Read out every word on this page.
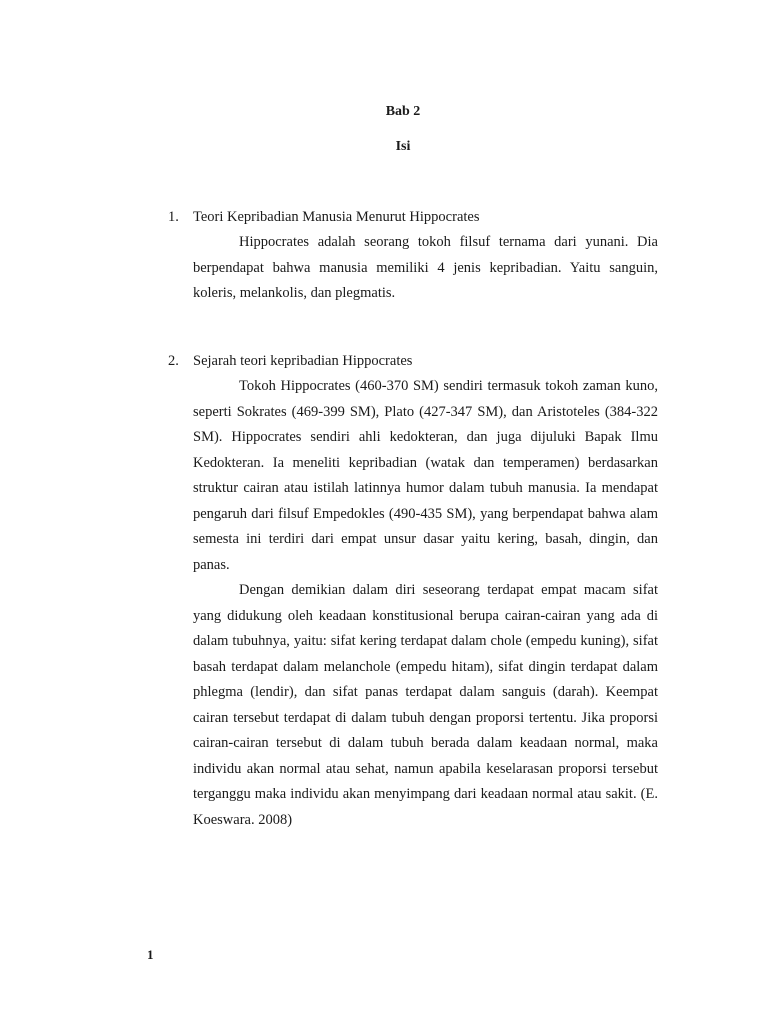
Bab 2
Isi
1. Teori Kepribadian Manusia Menurut Hippocrates

Hippocrates adalah seorang tokoh filsuf ternama dari yunani. Dia berpendapat bahwa manusia memiliki 4 jenis kepribadian. Yaitu sanguin, koleris, melankolis, dan plegmatis.

2. Sejarah teori kepribadian Hippocrates

Tokoh Hippocrates (460-370 SM) sendiri termasuk tokoh zaman kuno, seperti Sokrates (469-399 SM), Plato (427-347 SM), dan Aristoteles (384-322 SM). Hippocrates sendiri ahli kedokteran, dan juga dijuluki Bapak Ilmu Kedokteran. Ia meneliti kepribadian (watak dan temperamen) berdasarkan struktur cairan atau istilah latinnya humor dalam tubuh manusia. Ia mendapat pengaruh dari filsuf Empedokles (490-435 SM), yang berpendapat bahwa alam semesta ini terdiri dari empat unsur dasar yaitu kering, basah, dingin, dan panas.

Dengan demikian dalam diri seseorang terdapat empat macam sifat yang didukung oleh keadaan konstitusional berupa cairan-cairan yang ada di dalam tubuhnya, yaitu: sifat kering terdapat dalam chole (empedu kuning), sifat basah terdapat dalam melanchole (empedu hitam), sifat dingin terdapat dalam phlegma (lendir), dan sifat panas terdapat dalam sanguis (darah). Keempat cairan tersebut terdapat di dalam tubuh dengan proporsi tertentu. Jika proporsi cairan-cairan tersebut di dalam tubuh berada dalam keadaan normal, maka individu akan normal atau sehat, namun apabila keselarasan proporsi tersebut terganggu maka individu akan menyimpang dari keadaan normal atau sakit. (E. Koeswara. 2008)

1
